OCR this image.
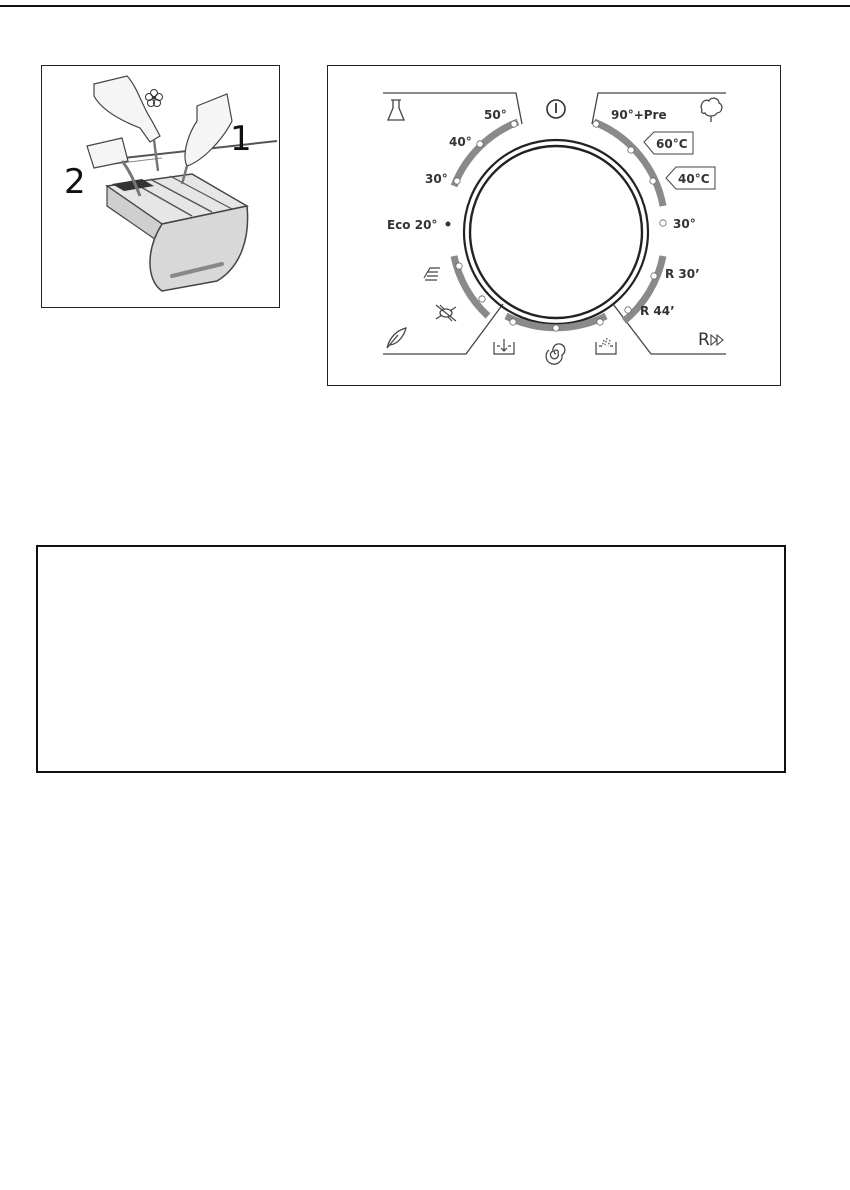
1
2
50°
40°
30°
Eco 20°
90°+Pre
60°C
40°C
30°
R 30’
R 44’
R
